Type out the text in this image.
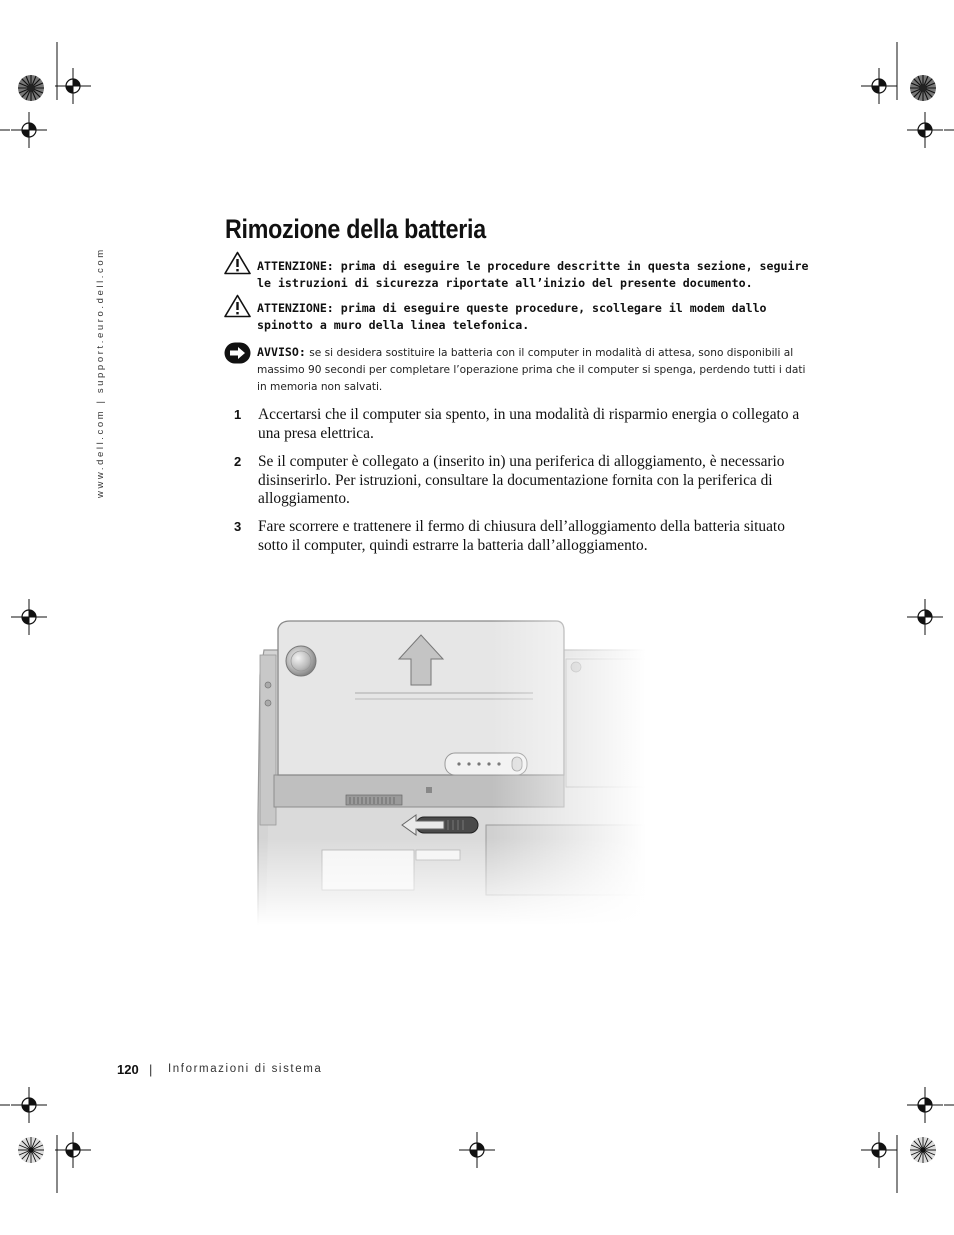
www.dell.com | support.euro.dell.com
Rimozione della batteria
ATTENZIONE: prima di eseguire le procedure descritte in questa sezione, seguire le istruzioni di sicurezza riportate all’inizio del presente documento.
ATTENZIONE: prima di eseguire queste procedure, scollegare il modem dallo spinotto a muro della linea telefonica.
AVVISO: se si desidera sostituire la batteria con il computer in modalità di attesa, sono disponibili al massimo 90 secondi per completare l’operazione prima che il computer si spenga, perdendo tutti i dati in memoria non salvati.
1 Accertarsi che il computer sia spento, in una modalità di risparmio energia o collegato a una presa elettrica.
2 Se il computer è collegato a (inserito in) una periferica di alloggiamento, è necessario disinserirlo. Per istruzioni, consultare la documentazione fornita con la periferica di alloggiamento.
3 Fare scorrere e trattenere il fermo di chiusura dell’alloggiamento della batteria situato sotto il computer, quindi estrarre la batteria dall’alloggiamento.
120 | Informazioni di sistema
